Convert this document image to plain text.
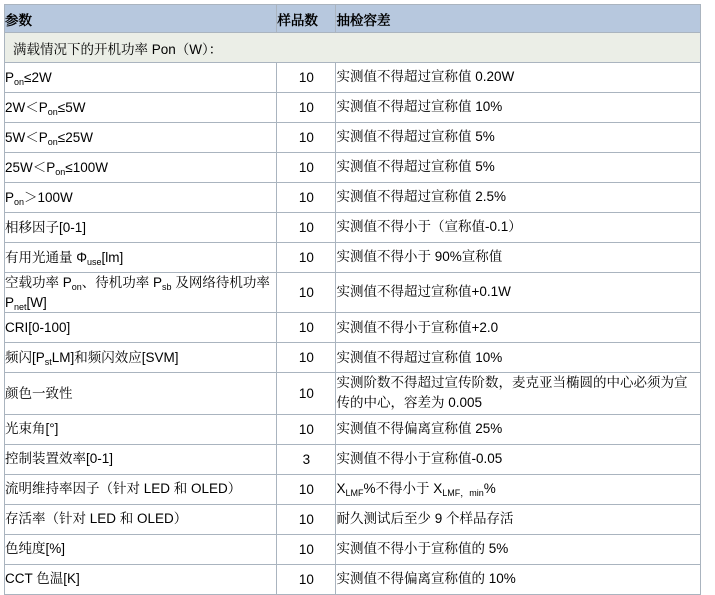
参数	样品数	抽检容差
满载情况下的开机功率 Pon（W）：		
$P_{on}\le 2W$	10	实测值不得超过宣称值 0.20W
$2W<P_{on}\le 5W$	10	实测值不得超过宣称值 10%
$5W<P_{on}\le 25W$	10	实测值不得超过宣称值 5%
$25W<P_{on}\le 100W$	10	实测值不得超过宣称值 5%
$P_{on}>100W$	10	实测值不得超过宣称值 2.5%
相移因子[0-1]	10	实测值不得小于（宣称值-0.1）
有用光通量 $\Phi_{use}[lm]$	10	实测值不得小于 90%宣称值
空载功率 $P_{on}$、待机功率 $P_{sb}$ 及网络待机功率 $P_{net}[W]$	10	实测值不得超过宣称值+0.1W
CRI[0-100]	10	实测值不得小于宣称值+2.0
频闪$[P_{st}LM]$和频闪效应[SVM]	10	实测值不得超过宣称值 10%
颜色一致性	10	实测阶数不得超过宣传阶数，麦克亚当椭圆的中心必须为宣传的中心，容差为 0.005
光束角[°]	10	实测值不得偏离宣称值 25%
控制装置效率[0-1]	3	实测值不得小于宣称值-0.05
流明维持率因子（针对 LED 和 OLED）	10	$X_{LMF}\%$不得小于 $X_{LMF,min}\%$
存活率（针对 LED 和 OLED）	10	耐久测试后至少 9 个样品存活
色纯度[%]	10	实测值不得小于宣称值的 5%
CCT 色温[K]	10	实测值不得偏离宣称值的 10%
